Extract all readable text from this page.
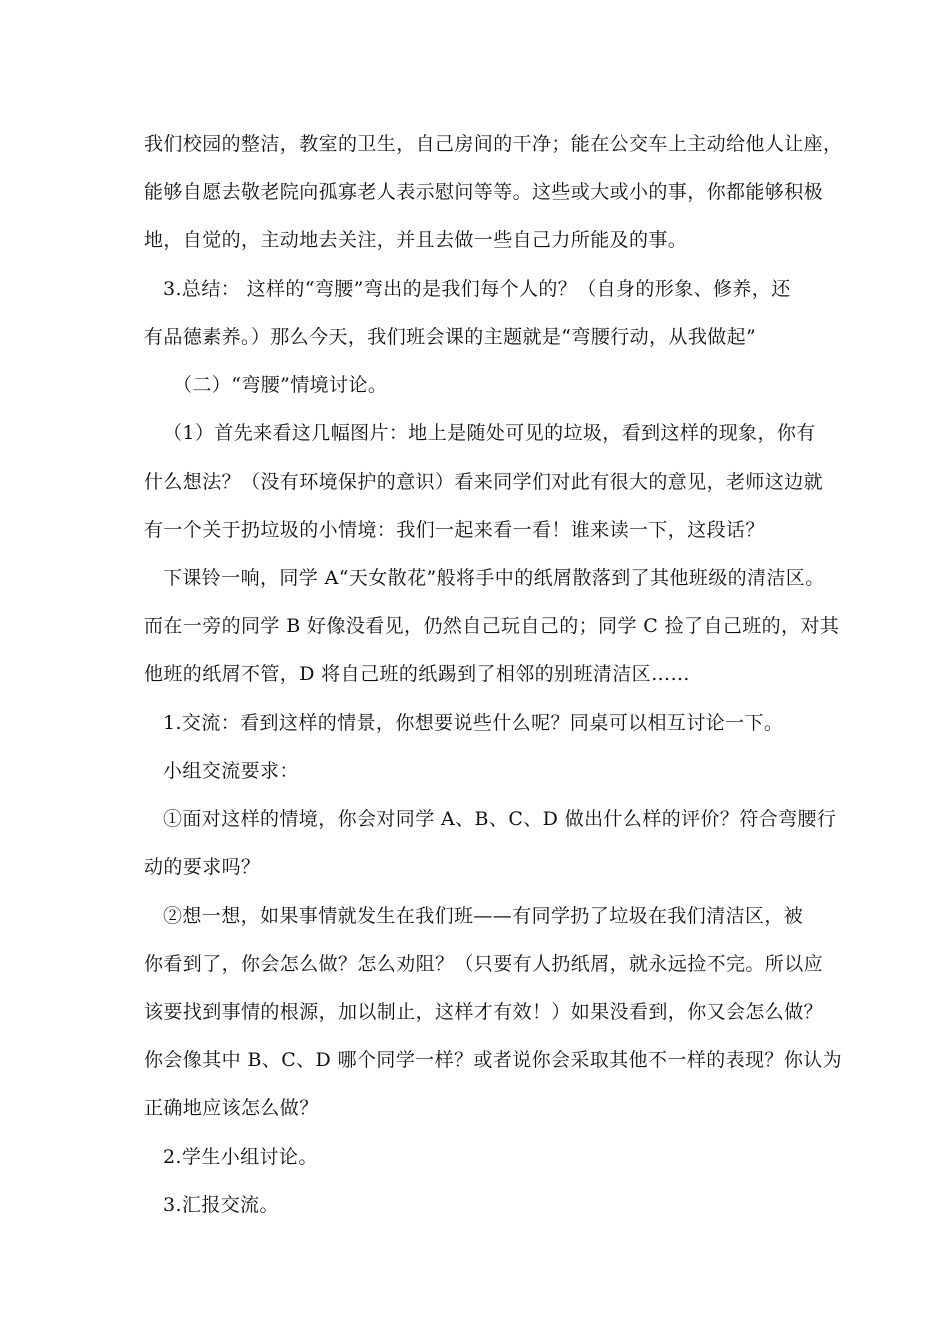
我们校园的整洁，教室的卫生，自己房间的干净；能在公交车上主动给他人让座，
能够自愿去敬老院向孤寡老人表示慰问等等。这些或大或小的事，你都能够积极
地，自觉的，主动地去关注，并且去做一些自己力所能及的事。
3.总结： 这样的“弯腰”弯出的是我们每个人的？（自身的形象、修养，还
有品德素养。）那么今天，我们班会课的主题就是“弯腰行动，从我做起”
（二）“弯腰”情境讨论。
（1）首先来看这几幅图片：地上是随处可见的垃圾，看到这样的现象，你有
什么想法？（没有环境保护的意识）看来同学们对此有很大的意见，老师这边就
有一个关于扔垃圾的小情境：我们一起来看一看！谁来读一下，这段话？
下课铃一响，同学 A“天女散花”般将手中的纸屑散落到了其他班级的清洁区。
而在一旁的同学 B 好像没看见，仍然自己玩自己的；同学 C 捡了自己班的，对其
他班的纸屑不管，D 将自己班的纸踢到了相邻的别班清洁区……
1.交流：看到这样的情景，你想要说些什么呢？同桌可以相互讨论一下。
小组交流要求：
①面对这样的情境，你会对同学 A、B、C、D 做出什么样的评价？符合弯腰行
动的要求吗？
②想一想，如果事情就发生在我们班——有同学扔了垃圾在我们清洁区，被
你看到了，你会怎么做？怎么劝阻？（只要有人扔纸屑，就永远捡不完。所以应
该要找到事情的根源，加以制止，这样才有效！）如果没看到，你又会怎么做？
你会像其中 B、C、D 哪个同学一样？或者说你会采取其他不一样的表现？你认为
正确地应该怎么做？
2.学生小组讨论。
3.汇报交流。
